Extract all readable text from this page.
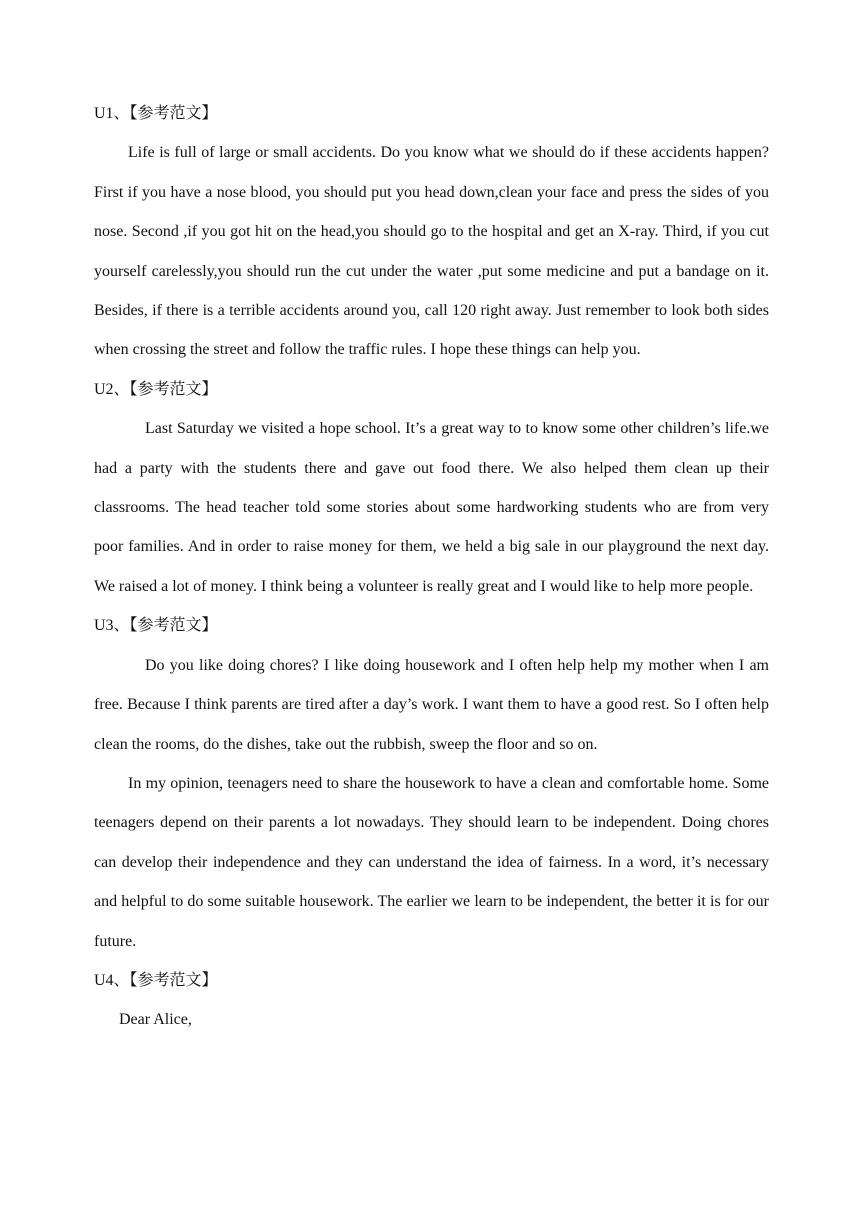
U1、【参考范文】

Life is full of large or small accidents. Do you know what we should do if these accidents happen? First if you have a nose blood, you should put you head down,clean your face and press the sides of you nose. Second ,if you got hit on the head,you should go to the hospital and get an X-ray. Third, if you cut yourself carelessly,you should run the cut under the water ,put some medicine and put a bandage on it. Besides, if there is a terrible accidents around you, call 120 right away. Just remember to look both sides when crossing the street and follow the traffic rules. I hope these things can help you.

U2、【参考范文】

Last Saturday we visited a hope school. It’s a great way to to know some other children’s life.we had a party with the students there and gave out food there. We also helped them clean up their classrooms. The head teacher told some stories about some hardworking students who are from very poor families. And in order to raise money for them, we held a big sale in our playground the next day. We raised a lot of money. I think being a volunteer is really great and I would like to help more people.

U3、【参考范文】

Do you like doing chores? I like doing housework and I often help help my mother when I am free. Because I think parents are tired after a day’s work. I want them to have a good rest. So I often help clean the rooms, do the dishes, take out the rubbish, sweep the floor and so on.

In my opinion, teenagers need to share the housework to have a clean and comfortable home. Some teenagers depend on their parents a lot nowadays. They should learn to be independent. Doing chores can develop their independence and they can understand the idea of fairness. In a word, it’s necessary and helpful to do some suitable housework. The earlier we learn to be independent, the better it is for our future.

U4、【参考范文】

Dear Alice,
